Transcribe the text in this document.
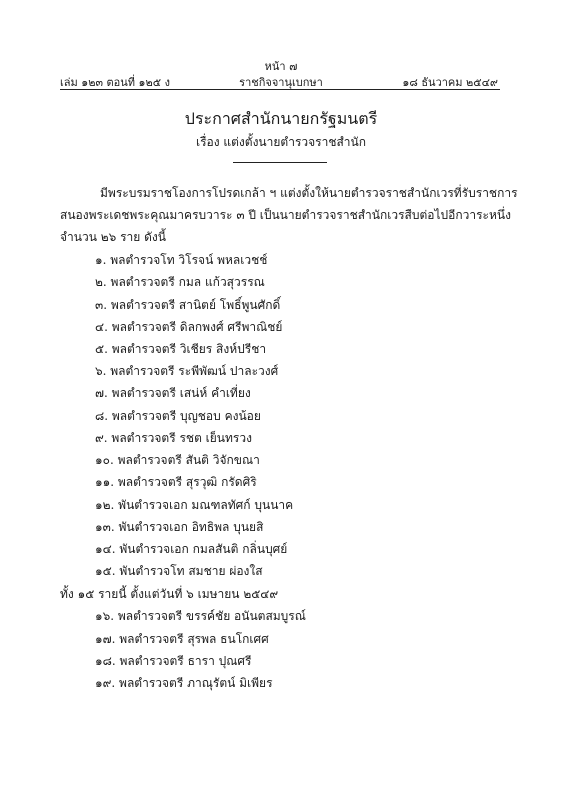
หน้า ๗
เล่ม ๑๒๓ ตอนที่ ๑๒๕ ง	ราชกิจจานุเบกษา	๑๘ ธันวาคม ๒๕๔๙
ประกาศสำนักนายกรัฐมนตรี
เรื่อง แต่งตั้งนายตำรวจราชสำนัก
มีพระบรมราชโองการโปรดเกล้า ฯ แต่งตั้งให้นายตำรวจราชสำนักเวรที่รับราชการ
สนองพระเดชพระคุณมาครบวาระ ๓ ปี เป็นนายตำรวจราชสำนักเวรสืบต่อไปอีกวาระหนึ่ง
จำนวน ๒๖ ราย ดังนี้
๑. พลตำรวจโท วิโรจน์ พหลเวชช์
๒. พลตำรวจตรี กมล แก้วสุวรรณ
๓. พลตำรวจตรี สานิตย์ โพธิ์พูนศักดิ์
๔. พลตำรวจตรี ดิลกพงศ์ ศรีพาณิชย์
๕. พลตำรวจตรี วิเชียร สิงห์ปรีชา
๖. พลตำรวจตรี ระพีพัฒน์ ปาละวงศ์
๗. พลตำรวจตรี เสน่ห์ คำเที่ยง
๘. พลตำรวจตรี บุญชอบ คงน้อย
๙. พลตำรวจตรี รชต เย็นทรวง
๑๐. พลตำรวจตรี สันติ วิจักขณา
๑๑. พลตำรวจตรี สุรวุฒิ กรัดศิริ
๑๒. พันตำรวจเอก มณฑลทัศก์ บุนนาค
๑๓. พันตำรวจเอก อิทธิพล บุนยสิ
๑๔. พันตำรวจเอก กมลสันติ กลิ่นบุศย์
๑๕. พันตำรวจโท สมชาย ผ่องใส
ทั้ง ๑๕ รายนี้ ตั้งแต่วันที่ ๖ เมษายน ๒๕๔๙
๑๖. พลตำรวจตรี ขรรค์ชัย อนันตสมบูรณ์
๑๗. พลตำรวจตรี สุรพล ธนโกเศศ
๑๘. พลตำรวจตรี ธารา ปุณศรี
๑๙. พลตำรวจตรี ภาณุรัตน์ มิเพียร
